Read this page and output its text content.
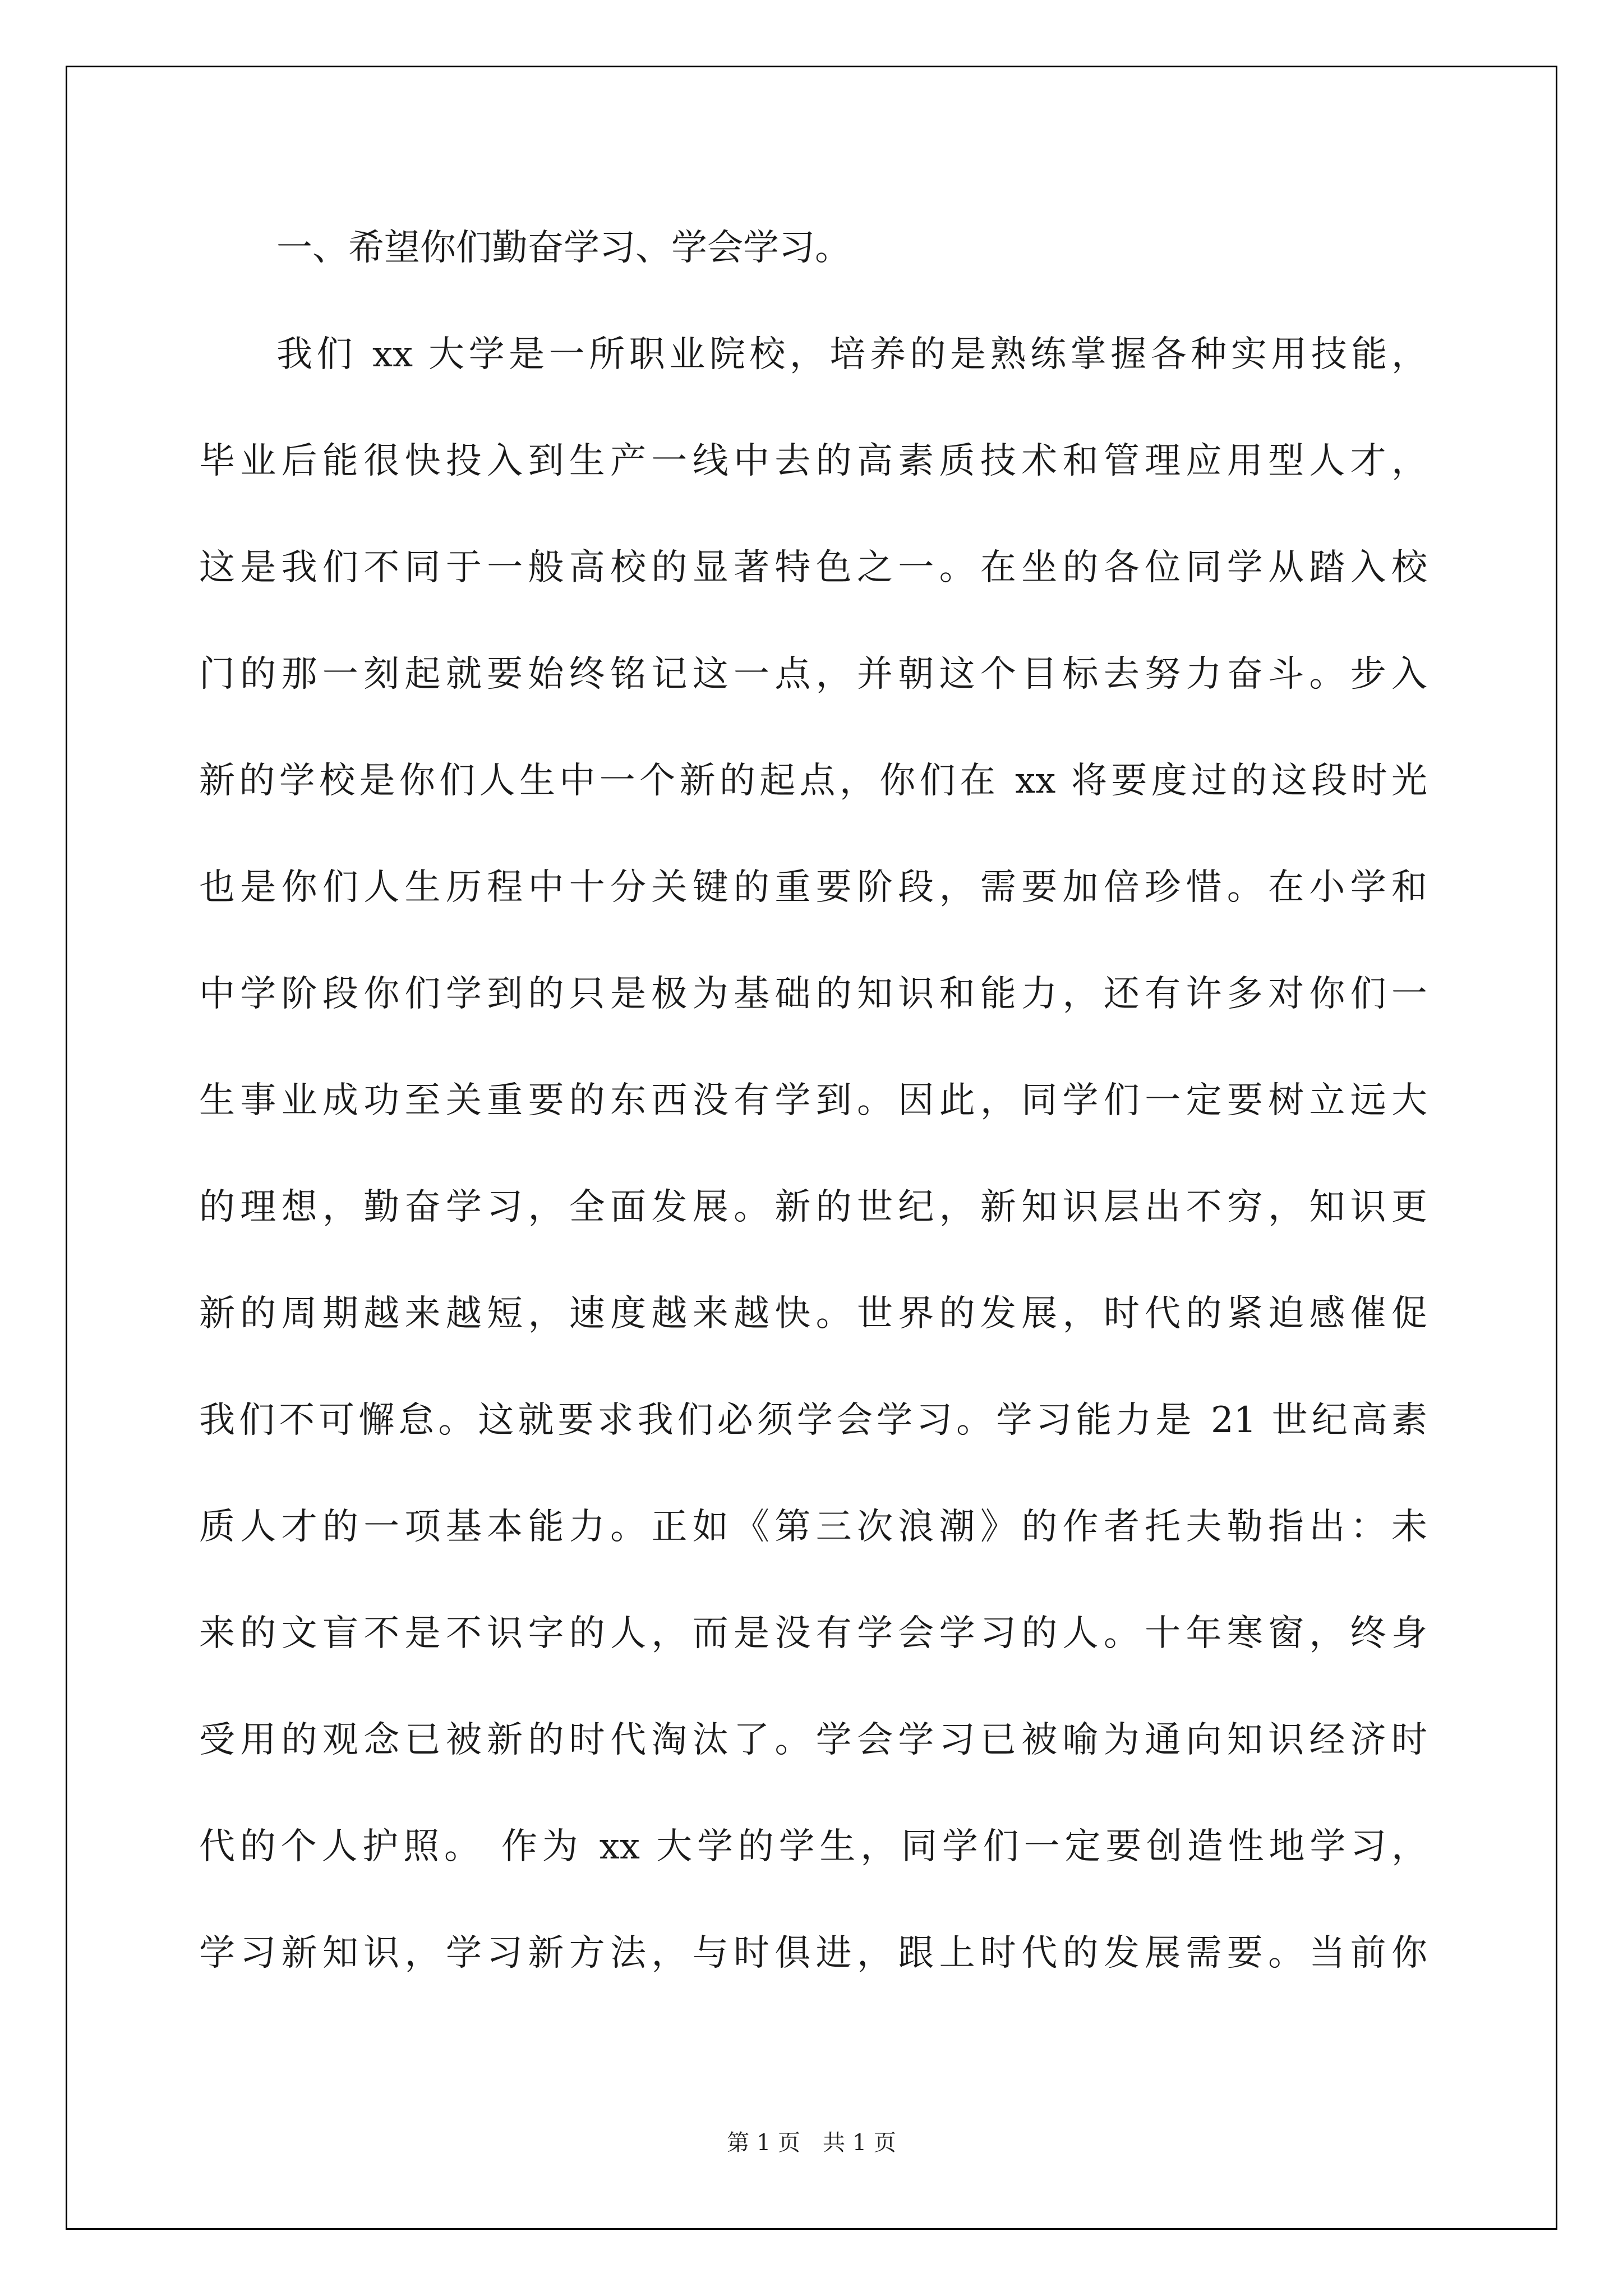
一、希望你们勤奋学习、学会学习。
我们 xx 大学是一所职业院校，培养的是熟练掌握各种实用技能，
毕业后能很快投入到生产一线中去的高素质技术和管理应用型人才，
这是我们不同于一般高校的显著特色之一。在坐的各位同学从踏入校
门的那一刻起就要始终铭记这一点，并朝这个目标去努力奋斗。步入
新的学校是你们人生中一个新的起点，你们在 xx 将要度过的这段时光
也是你们人生历程中十分关键的重要阶段，需要加倍珍惜。在小学和
中学阶段你们学到的只是极为基础的知识和能力，还有许多对你们一
生事业成功至关重要的东西没有学到。因此，同学们一定要树立远大
的理想，勤奋学习，全面发展。新的世纪，新知识层出不穷，知识更
新的周期越来越短，速度越来越快。世界的发展，时代的紧迫感催促
我们不可懈怠。这就要求我们必须学会学习。学习能力是 21 世纪高素
质人才的一项基本能力。正如《第三次浪潮》的作者托夫勒指出：未
来的文盲不是不识字的人，而是没有学会学习的人。十年寒窗，终身
受用的观念已被新的时代淘汰了。学会学习已被喻为通向知识经济时
代的个人护照。 作为 xx 大学的学生，同学们一定要创造性地学习，
学习新知识，学习新方法，与时俱进，跟上时代的发展需要。当前你
第 1 页　共 1 页
